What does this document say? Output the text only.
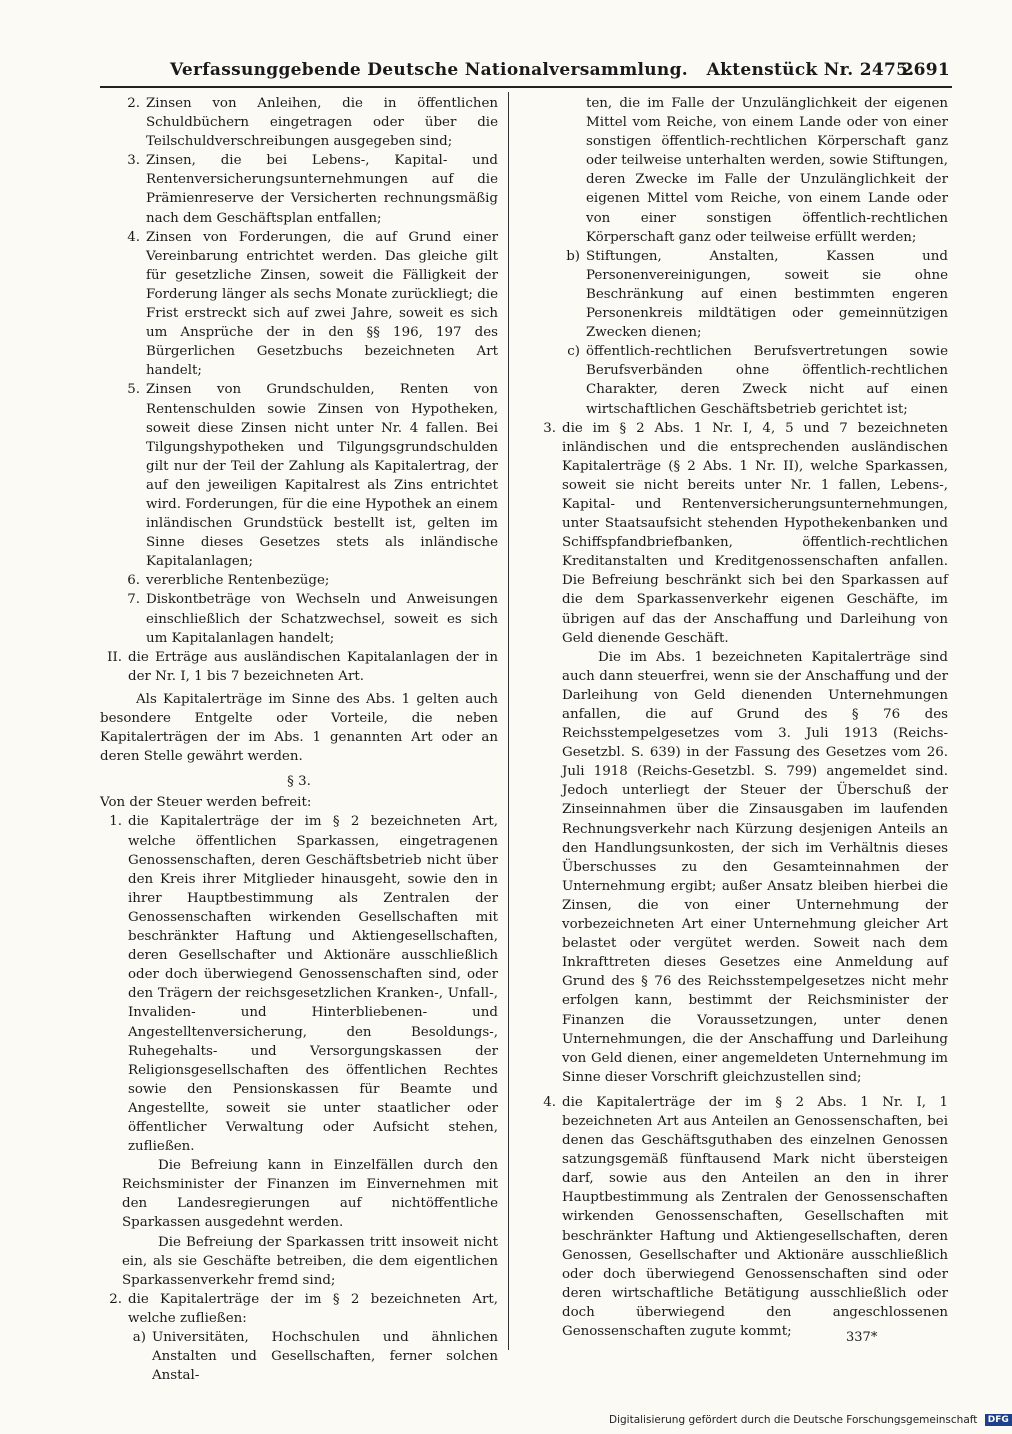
Verfassunggebende Deutsche Nationalversammlung.   Aktenstück Nr. 2475.
2691
2. Zinsen von Anleihen, die in öffentlichen Schuldbüchern eingetragen oder über die Teilschuldverschreibungen ausgegeben sind;
3. Zinsen, die bei Lebens-, Kapital- und Rentenversicherungsunternehmungen auf die Prämienreserve der Versicherten rechnungsmäßig nach dem Geschäftsplan entfallen;
4. Zinsen von Forderungen, die auf Grund einer Vereinbarung entrichtet werden. Das gleiche gilt für gesetzliche Zinsen, soweit die Fälligkeit der Forderung länger als sechs Monate zurückliegt; die Frist erstreckt sich auf zwei Jahre, soweit es sich um Ansprüche der in den §§ 196, 197 des Bürgerlichen Gesetzbuchs bezeichneten Art handelt;
5. Zinsen von Grundschulden, Renten von Rentenschulden sowie Zinsen von Hypotheken, soweit diese Zinsen nicht unter Nr. 4 fallen. Bei Tilgungshypotheken und Tilgungsgrundschulden gilt nur der Teil der Zahlung als Kapitalertrag, der auf den jeweiligen Kapitalrest als Zins entrichtet wird. Forderungen, für die eine Hypothek an einem inländischen Grundstück bestellt ist, gelten im Sinne dieses Gesetzes stets als inländische Kapitalanlagen;
6. vererbliche Rentenbezüge;
7. Diskontbeträge von Wechseln und Anweisungen einschließlich der Schatzwechsel, soweit es sich um Kapitalanlagen handelt;
II. die Erträge aus ausländischen Kapitalanlagen der in der Nr. I, 1 bis 7 bezeichneten Art.

Als Kapitalerträge im Sinne des Abs. 1 gelten auch besondere Entgelte oder Vorteile, die neben Kapitalerträgen der im Abs. 1 genannten Art oder an deren Stelle gewährt werden.

§ 3.

Von der Steuer werden befreit:

1. die Kapitalerträge der im § 2 bezeichneten Art, welche öffentlichen Sparkassen, eingetragenen Genossenschaften, deren Geschäftsbetrieb nicht über den Kreis ihrer Mitglieder hinausgeht, sowie den in ihrer Hauptbestimmung als Zentralen der Genossenschaften wirkenden Gesellschaften mit beschränkter Haftung und Aktiengesellschaften, deren Gesellschafter und Aktionäre ausschließlich oder doch überwiegend Genossenschaften sind, oder den Trägern der reichsgesetzlichen Kranken-, Unfall-, Invaliden- und Hinterbliebenen- und Angestelltenversicherung, den Besoldungs-, Ruhegehalts- und Versorgungskassen der Religionsgesellschaften des öffentlichen Rechtes sowie den Pensionskassen für Beamte und Angestellte, soweit sie unter staatlicher oder öffentlicher Verwaltung oder Aufsicht stehen, zufließen.

Die Befreiung kann in Einzelfällen durch den Reichsminister der Finanzen im Einvernehmen mit den Landesregierungen auf nichtöffentliche Sparkassen ausgedehnt werden.

Die Befreiung der Sparkassen tritt insoweit nicht ein, als sie Geschäfte betreiben, die dem eigentlichen Sparkassenverkehr fremd sind;

2. die Kapitalerträge der im § 2 bezeichneten Art, welche zufließen:
a) Universitäten, Hochschulen und ähnlichen Anstalten und Gesellschaften, ferner solchen Anstal-

ten, die im Falle der Unzulänglichkeit der eigenen Mittel vom Reiche, von einem Lande oder von einer sonstigen öffentlich-rechtlichen Körperschaft ganz oder teilweise unterhalten werden, sowie Stiftungen, deren Zwecke im Falle der Unzulänglichkeit der eigenen Mittel vom Reiche, von einem Lande oder von einer sonstigen öffentlich-rechtlichen Körperschaft ganz oder teilweise erfüllt werden;

b) Stiftungen, Anstalten, Kassen und Personenvereinigungen, soweit sie ohne Beschränkung auf einen bestimmten engeren Personenkreis mildtätigen oder gemeinnützigen Zwecken dienen;
c) öffentlich-rechtlichen Berufsvertretungen sowie Berufsverbänden ohne öffentlich-rechtlichen Charakter, deren Zweck nicht auf einen wirtschaftlichen Geschäftsbetrieb gerichtet ist;
3. die im § 2 Abs. 1 Nr. I, 4, 5 und 7 bezeichneten inländischen und die entsprechenden ausländischen Kapitalerträge (§ 2 Abs. 1 Nr. II), welche Sparkassen, soweit sie nicht bereits unter Nr. 1 fallen, Lebens-, Kapital- und Rentenversicherungsunternehmungen, unter Staatsaufsicht stehenden Hypothekenbanken und Schiffspfandbriefbanken, öffentlich-rechtlichen Kreditanstalten und Kreditgenossenschaften anfallen. Die Befreiung beschränkt sich bei den Sparkassen auf die dem Sparkassenverkehr eigenen Geschäfte, im übrigen auf das der Anschaffung und Darleihung von Geld dienende Geschäft.

Die im Abs. 1 bezeichneten Kapitalerträge sind auch dann steuerfrei, wenn sie der Anschaffung und der Darleihung von Geld dienenden Unternehmungen anfallen, die auf Grund des § 76 des Reichsstempelgesetzes vom 3. Juli 1913 (Reichs-Gesetzbl. S. 639) in der Fassung des Gesetzes vom 26. Juli 1918 (Reichs-Gesetzbl. S. 799) angemeldet sind. Jedoch unterliegt der Steuer der Überschuß der Zinseinnahmen über die Zinsausgaben im laufenden Rechnungsverkehr nach Kürzung desjenigen Anteils an den Handlungsunkosten, der sich im Verhältnis dieses Überschusses zu den Gesamteinnahmen der Unternehmung ergibt; außer Ansatz bleiben hierbei die Zinsen, die von einer Unternehmung der vorbezeichneten Art einer Unternehmung gleicher Art belastet oder vergütet werden. Soweit nach dem Inkrafttreten dieses Gesetzes eine Anmeldung auf Grund des § 76 des Reichsstempelgesetzes nicht mehr erfolgen kann, bestimmt der Reichsminister der Finanzen die Voraussetzungen, unter denen Unternehmungen, die der Anschaffung und Darleihung von Geld dienen, einer angemeldeten Unternehmung im Sinne dieser Vorschrift gleichzustellen sind;

4. die Kapitalerträge der im § 2 Abs. 1 Nr. I, 1 bezeichneten Art aus Anteilen an Genossenschaften, bei denen das Geschäftsguthaben des einzelnen Genossen satzungsgemäß fünftausend Mark nicht übersteigen darf, sowie aus den Anteilen an den in ihrer Hauptbestimmung als Zentralen der Genossenschaften wirkenden Genossenschaften, Gesellschaften mit beschränkter Haftung und Aktiengesellschaften, deren Genossen, Gesellschafter und Aktionäre ausschließlich oder doch überwiegend Genossenschaften sind oder deren wirtschaftliche Betätigung ausschließlich oder doch überwiegend den angeschlossenen Genossenschaften zugute kommt;	337*
Digitalisierung gefördert durch die Deutsche Forschungsgemeinschaft DFG
